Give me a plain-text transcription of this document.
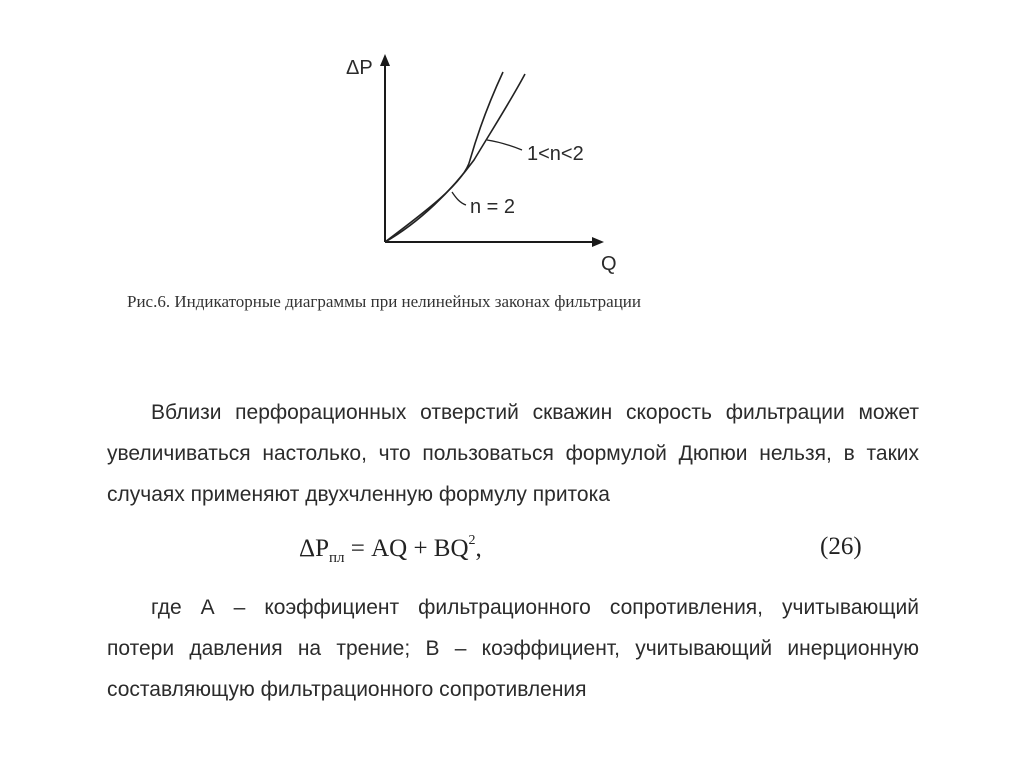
ΔP
Q
1<n<2
n = 2
Рис.6. Индикаторные диаграммы при нелинейных законах фильтрации
Вблизи перфорационных отверстий скважин скорость фильтрации может
увеличиваться настолько, что пользоваться формулой Дюпюи нельзя, в таких
случаях применяют двухчленную формулу притока
$\Delta P_{пл}$ = AQ + $BQ^2$,	(26)
где А – коэффициент фильтрационного сопротивления, учитывающий
потери давления на трение; В – коэффициент, учитывающий инерционную
составляющую фильтрационного сопротивления
